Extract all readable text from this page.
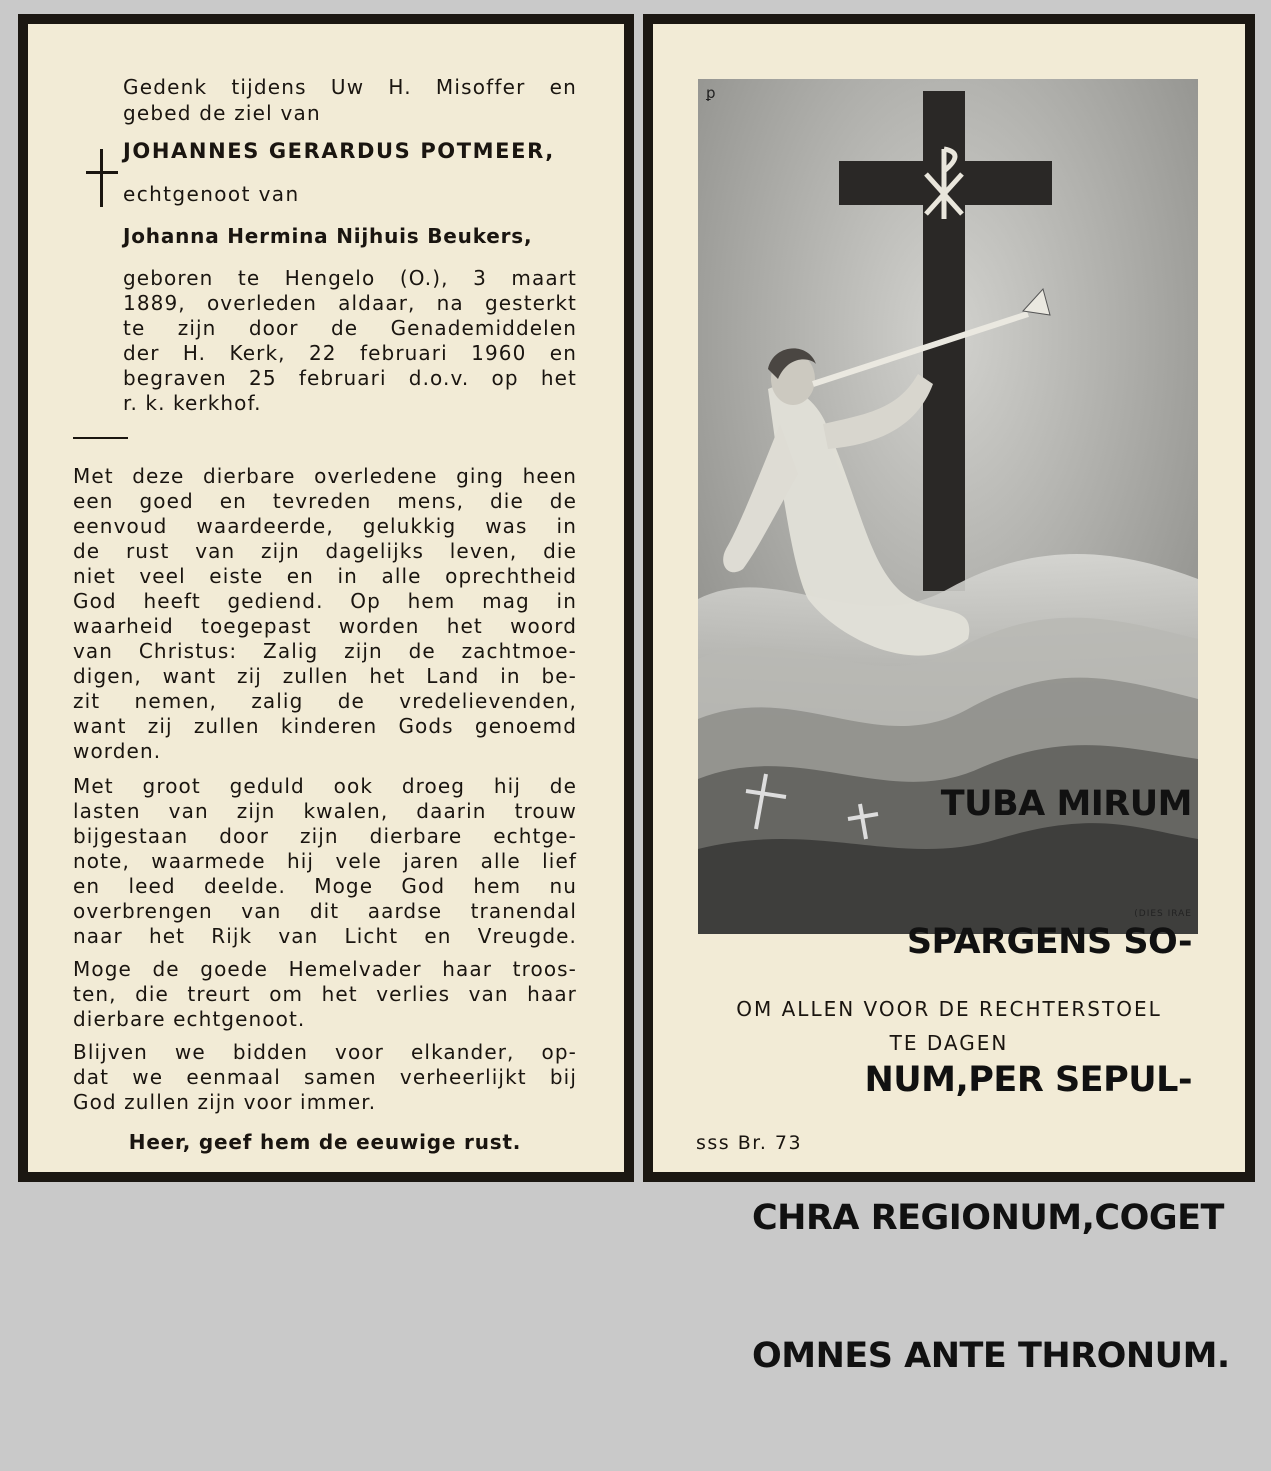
Gedenk tijdens Uw H. Misoffer en
gebed de ziel van
JOHANNES GERARDUS POTMEER,
echtgenoot van
Johanna Hermina Nijhuis Beukers,
geboren te Hengelo (O.), 3 maart
1889, overleden aldaar, na gesterkt
te zijn door de Genademiddelen
der H. Kerk, 22 februari 1960 en
begraven 25 februari d.o.v. op het
r. k. kerkhof.
Met deze dierbare overledene ging heen
een goed en tevreden mens, die de
eenvoud waardeerde, gelukkig was in
de rust van zijn dagelijks leven, die
niet veel eiste en in alle oprechtheid
God heeft gediend. Op hem mag in
waarheid toegepast worden het woord
van Christus: Zalig zijn de zachtmoe-
digen, want zij zullen het Land in be-
zit nemen, zalig de vredelievenden,
want zij zullen kinderen Gods genoemd
worden.
Met groot geduld ook droeg hij de
lasten van zijn kwalen, daarin trouw
bijgestaan door zijn dierbare echtge-
note, waarmede hij vele jaren alle lief
en leed deelde. Moge God hem nu
overbrengen van dit aardse tranendal
naar het Rijk van Licht en Vreugde.
Moge de goede Hemelvader haar troos-
ten, die treurt om het verlies van haar
dierbare echtgenoot.
Blijven we bidden voor elkander, op-
dat we eenmaal samen verheerlijkt bij
God zullen zijn voor immer.
Heer, geef hem de eeuwige rust.
ꝑ

TUBA MIRUM

SPARGENS SO-

NUM,PER SEPUL-

CHRA REGIONUM,COGET

OMNES ANTE THRONUM.

(DIES IRAE
OM ALLEN VOOR DE RECHTERSTOEL
TE DAGEN
sss Br. 73
